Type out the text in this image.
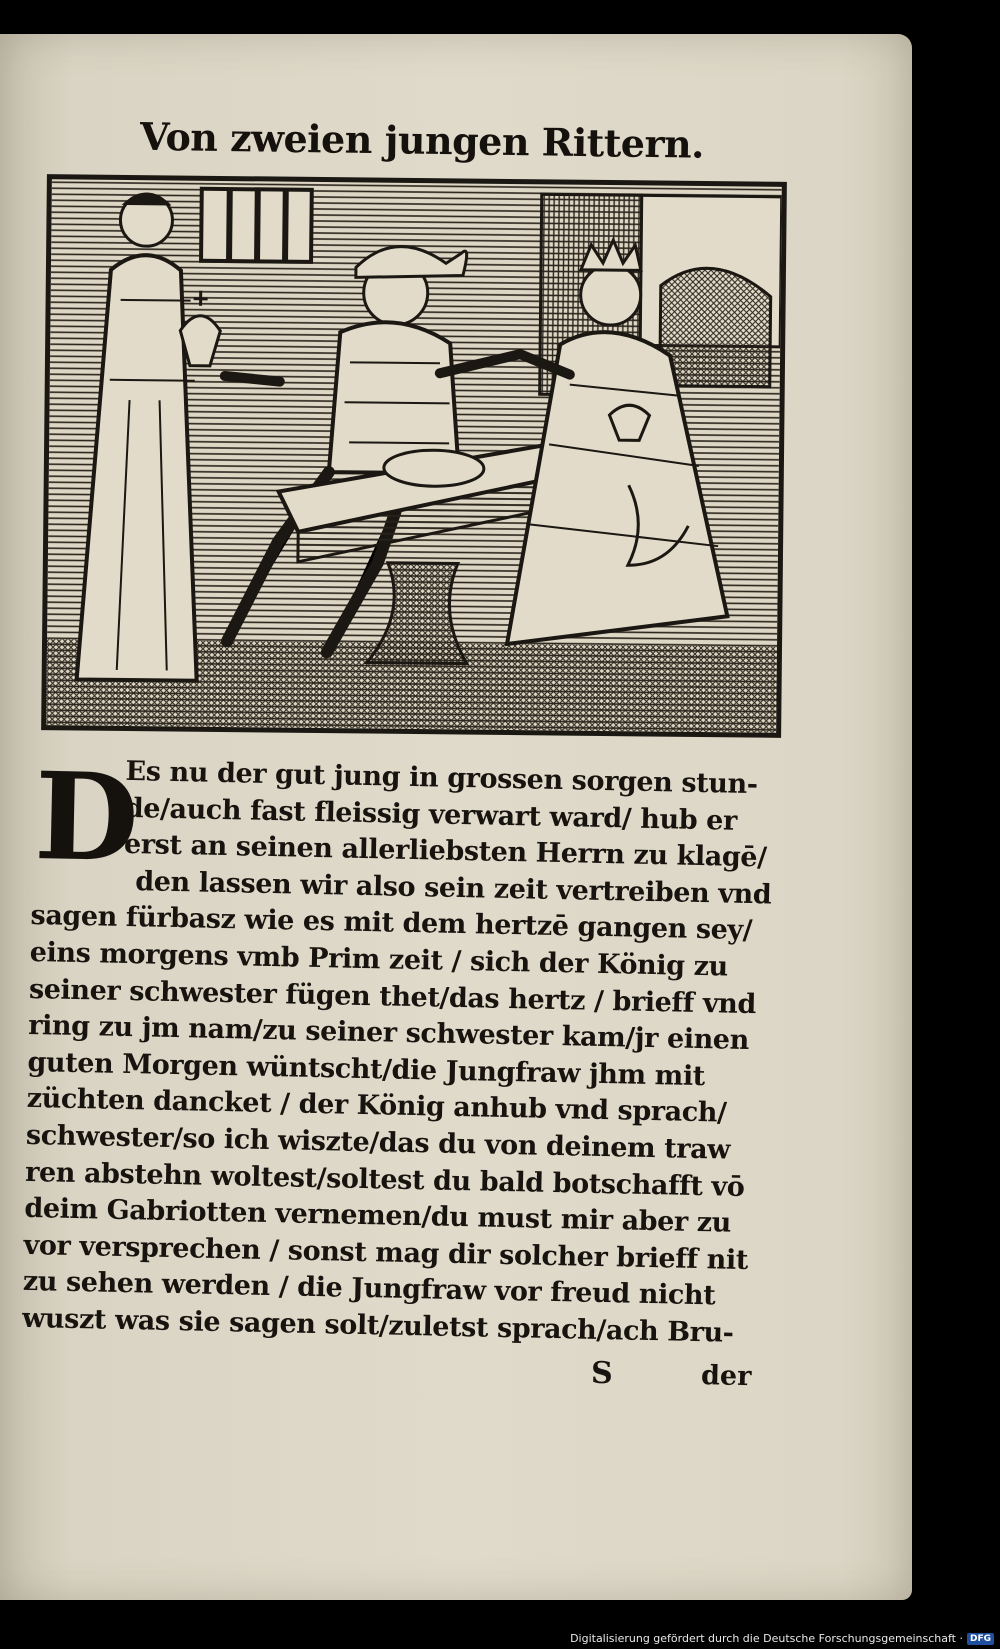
Von zweien jungen Rittern.
D
Es nu der gut jung in grossen sorgen stun-
de/auch fast fleissig verwart ward/ hub er
erst an seinen allerliebsten Herrn zu klagē/
den lassen wir also sein zeit vertreiben vnd
sagen fürbasz wie es mit dem hertzē gangen sey/
eins morgens vmb Prim zeit / sich der König zu
seiner schwester fügen thet/das hertz / brieff vnd
ring zu jm nam/zu seiner schwester kam/jr einen
guten Morgen wüntscht/die Jungfraw jhm mit
züchten dancket / der König anhub vnd sprach/
schwester/so ich wiszte/das du von deinem traw
ren abstehn woltest/soltest du bald botschafft vō
deim Gabriotten vernemen/du must mir aber zu
vor versprechen / sonst mag dir solcher brieff nit
zu sehen werden / die Jungfraw vor freud nicht
wuszt was sie sagen solt/zuletst sprach/ach Bru-
S	der
Digitalisierung gefördert durch die Deutsche Forschungsgemeinschaft · DFG
